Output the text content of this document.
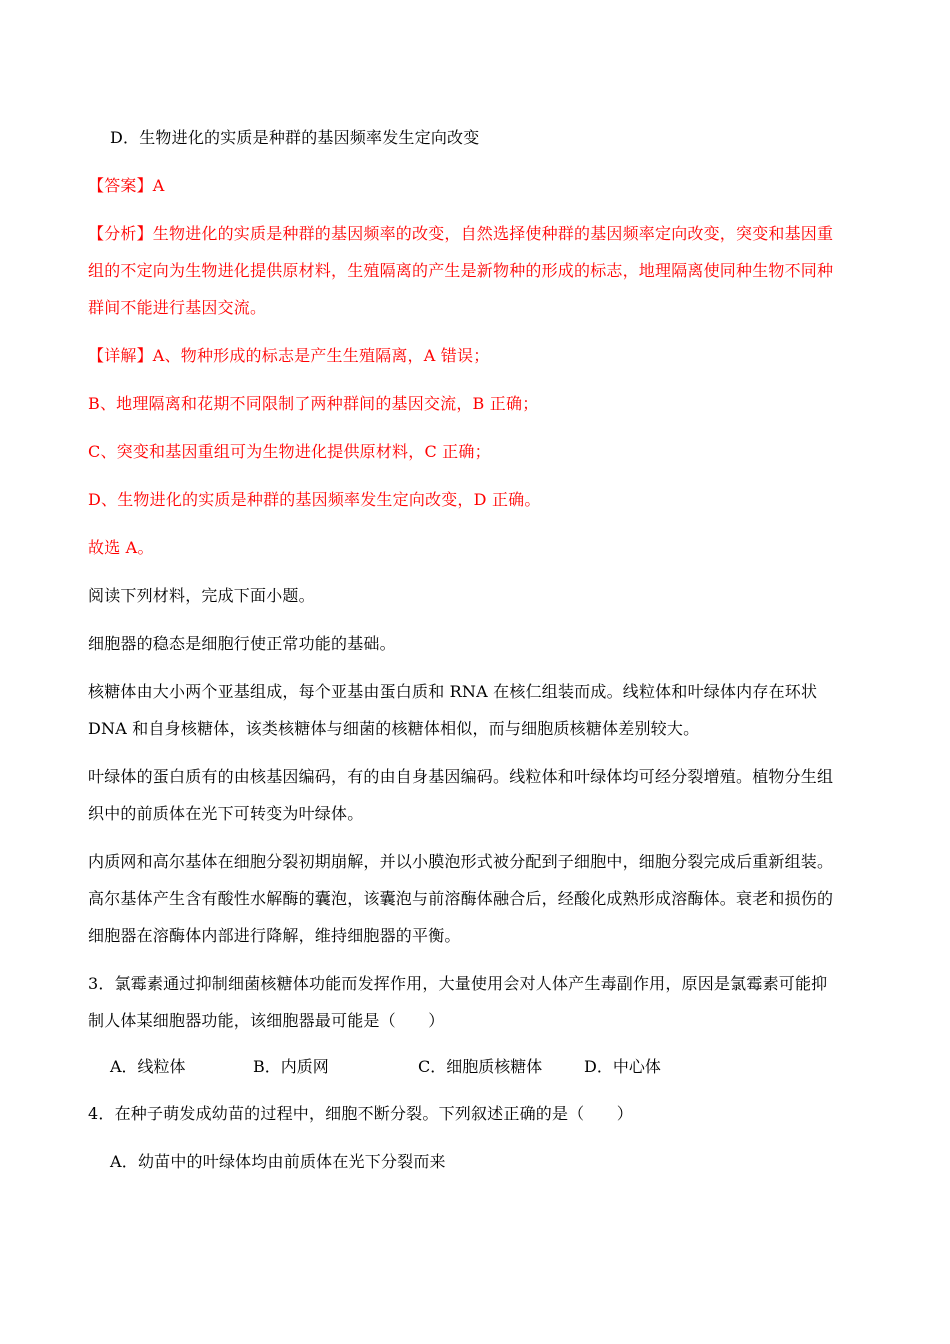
D．生物进化的实质是种群的基因频率发生定向改变
【答案】A
【分析】生物进化的实质是种群的基因频率的改变，自然选择使种群的基因频率定向改变，突变和基因重
组的不定向为生物进化提供原材料，生殖隔离的产生是新物种的形成的标志，地理隔离使同种生物不同种
群间不能进行基因交流。
【详解】A、物种形成的标志是产生生殖隔离，A 错误；
B、地理隔离和花期不同限制了两种群间的基因交流，B 正确；
C、突变和基因重组可为生物进化提供原材料，C 正确；
D、生物进化的实质是种群的基因频率发生定向改变，D 正确。
故选 A。
阅读下列材料，完成下面小题。
细胞器的稳态是细胞行使正常功能的基础。
核糖体由大小两个亚基组成，每个亚基由蛋白质和 RNA 在核仁组装而成。线粒体和叶绿体内存在环状
DNA 和自身核糖体，该类核糖体与细菌的核糖体相似，而与细胞质核糖体差别较大。
叶绿体的蛋白质有的由核基因编码，有的由自身基因编码。线粒体和叶绿体均可经分裂增殖。植物分生组
织中的前质体在光下可转变为叶绿体。
内质网和高尔基体在细胞分裂初期崩解，并以小膜泡形式被分配到子细胞中，细胞分裂完成后重新组装。
高尔基体产生含有酸性水解酶的囊泡，该囊泡与前溶酶体融合后，经酸化成熟形成溶酶体。衰老和损伤的
细胞器在溶酶体内部进行降解，维持细胞器的平衡。
3．氯霉素通过抑制细菌核糖体功能而发挥作用，大量使用会对人体产生毒副作用，原因是氯霉素可能抑
制人体某细胞器功能，该细胞器最可能是（　　）
A．线粒体	B．内质网	C．细胞质核糖体	D．中心体
4．在种子萌发成幼苗的过程中，细胞不断分裂。下列叙述正确的是（　　）
A．幼苗中的叶绿体均由前质体在光下分裂而来
